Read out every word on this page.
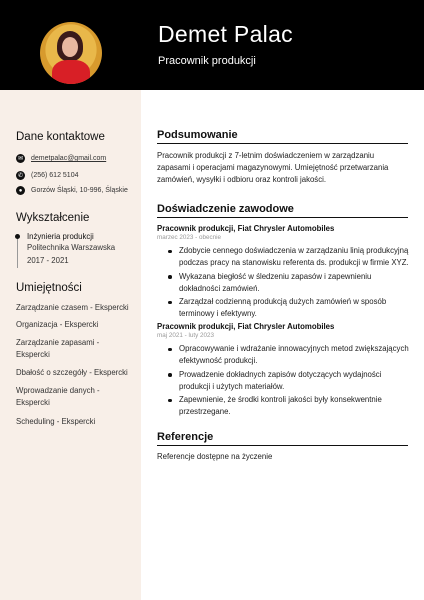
Demet Palac
Pracownik produkcji
Dane kontaktowe
✉ demetpalac@gmail.com
✆ (256) 612 5104
●	Gorzów Śląski, 10-996, Śląskie
Wykształcenie
Inżynieria produkcji
Politechnika Warszawska
2017 - 2021
Umiejętności
Zarządzanie czasem - Eksperckі
Organizacja - Eksperckі
Zarządzanie zapasami - Eksperckі
Dbałość o szczegóły - Eksperckі
Wprowadzanie danych - Eksperckі
Scheduling - Eksperckі
Podsumowanie
Pracownik produkcji z 7-letnim doświadczeniem w zarządzaniu zapasami i operacjami magazynowymi. Umiejętność przetwarzania zamówień, wysyłki i odbioru oraz kontroli jakości.
Doświadczenie zawodowe
Pracownik produkcji, Fiat Chrysler Automobiles
marzec 2023 - obecnie
Zdobycie cennego doświadczenia w zarządzaniu linią produkcyjną podczas pracy na stanowisku referenta ds. produkcji w firmie XYZ.
Wykazana biegłość w śledzeniu zapasów i zapewnieniu dokładności zamówień.
Zarządzał codzienną produkcją dużych zamówień w sposób terminowy i efektywny.
Pracownik produkcji, Fiat Chrysler Automobiles
maj 2021 - luty 2023
Opracowywanie i wdrażanie innowacyjnych metod zwiększających efektywność produkcji.
Prowadzenie dokładnych zapisów dotyczących wydajności produkcji i użytych materiałów.
Zapewnienie, że środki kontroli jakości były konsekwentnie przestrzegane.
Referencje
Referencje dostępne na życzenie
